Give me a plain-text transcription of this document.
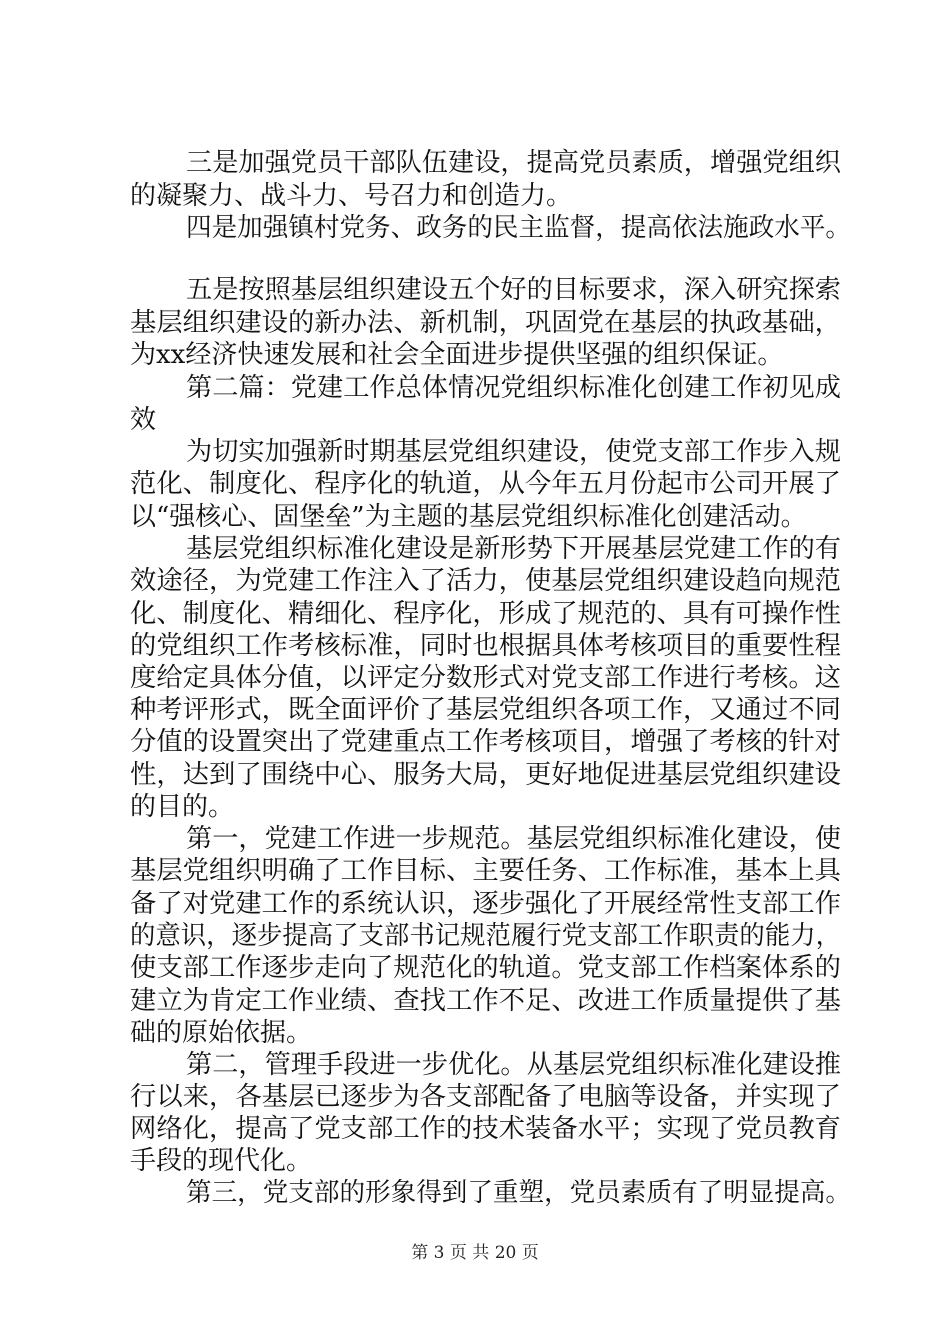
三是加强党员干部队伍建设，提高党员素质，增强党组织
的凝聚力、战斗力、号召力和创造力。
四是加强镇村党务、政务的民主监督，提高依法施政水平。
五是按照基层组织建设五个好的目标要求，深入研究探索
基层组织建设的新办法、新机制，巩固党在基层的执政基础，
为xx经济快速发展和社会全面进步提供坚强的组织保证。
第二篇：党建工作总体情况党组织标准化创建工作初见成
效
为切实加强新时期基层党组织建设，使党支部工作步入规
范化、制度化、程序化的轨道，从今年五月份起市公司开展了
以“强核心、固堡垒”为主题的基层党组织标准化创建活动。
基层党组织标准化建设是新形势下开展基层党建工作的有
效途径，为党建工作注入了活力，使基层党组织建设趋向规范
化、制度化、精细化、程序化，形成了规范的、具有可操作性
的党组织工作考核标准，同时也根据具体考核项目的重要性程
度给定具体分值，以评定分数形式对党支部工作进行考核。这
种考评形式，既全面评价了基层党组织各项工作，又通过不同
分值的设置突出了党建重点工作考核项目，增强了考核的针对
性，达到了围绕中心、服务大局，更好地促进基层党组织建设
的目的。
第一，党建工作进一步规范。基层党组织标准化建设，使
基层党组织明确了工作目标、主要任务、工作标准，基本上具
备了对党建工作的系统认识，逐步强化了开展经常性支部工作
的意识，逐步提高了支部书记规范履行党支部工作职责的能力，
使支部工作逐步走向了规范化的轨道。党支部工作档案体系的
建立为肯定工作业绩、查找工作不足、改进工作质量提供了基
础的原始依据。
第二，管理手段进一步优化。从基层党组织标准化建设推
行以来，各基层已逐步为各支部配备了电脑等设备，并实现了
网络化，提高了党支部工作的技术装备水平；实现了党员教育
手段的现代化。
第三，党支部的形象得到了重塑，党员素质有了明显提高。
第 3 页 共 20 页
